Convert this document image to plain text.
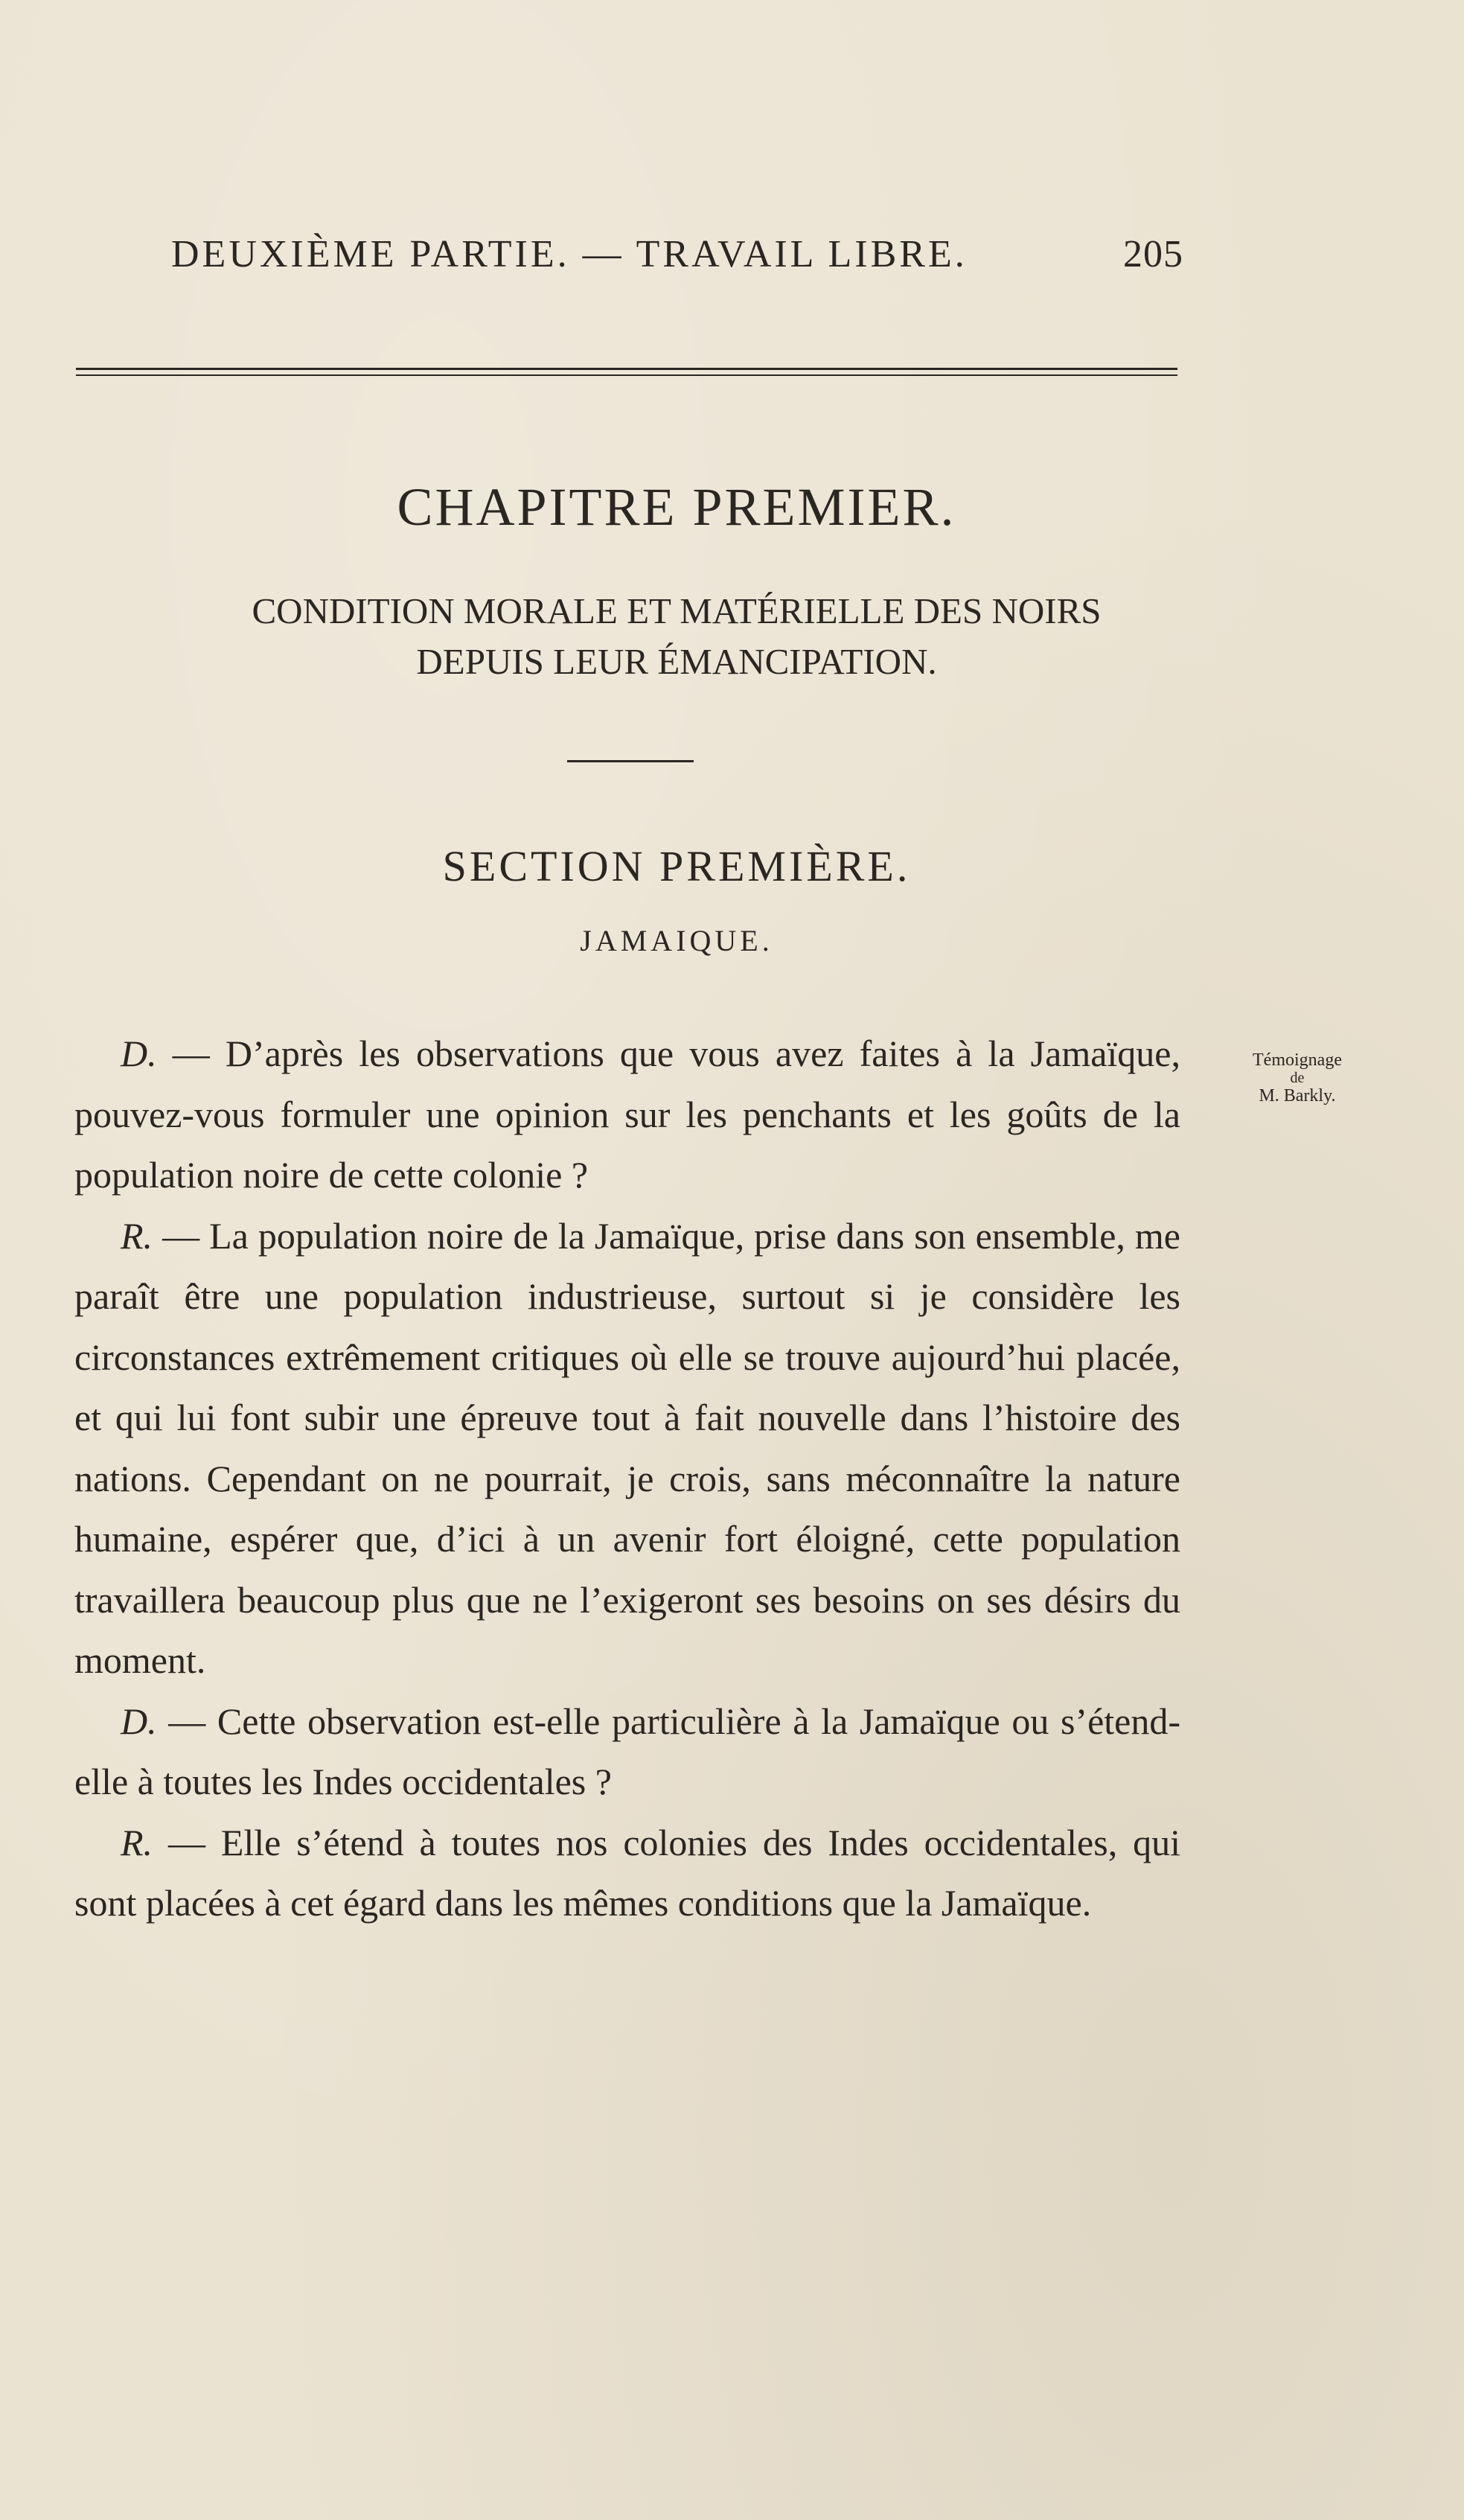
DEUXIÈME PARTIE. — TRAVAIL LIBRE.	205
CHAPITRE PREMIER.
CONDITION MORALE ET MATÉRIELLE DES NOIRS
DEPUIS LEUR ÉMANCIPATION.
SECTION PREMIÈRE.
JAMAIQUE.
Témoignage
de
M. Barkly.

D. — D’après les observations que vous avez faites à la Jamaïque, pouvez-vous formuler une opinion sur les penchants et les goûts de la population noire de cette colonie ?

R. — La population noire de la Jamaïque, prise dans son ensemble, me paraît être une population industrieuse, surtout si je considère les circonstances extrêmement critiques où elle se trouve aujourd’hui placée, et qui lui font subir une épreuve tout à fait nouvelle dans l’histoire des nations. Cependant on ne pourrait, je crois, sans méconnaître la nature humaine, espérer que, d’ici à un avenir fort éloigné, cette population travaillera beaucoup plus que ne l’exigeront ses besoins on ses désirs du moment.

D. — Cette observation est-elle particulière à la Jamaïque ou s’étend-elle à toutes les Indes occidentales ?

R. — Elle s’étend à toutes nos colonies des Indes occidentales, qui sont placées à cet égard dans les mêmes conditions que la Jamaïque.
